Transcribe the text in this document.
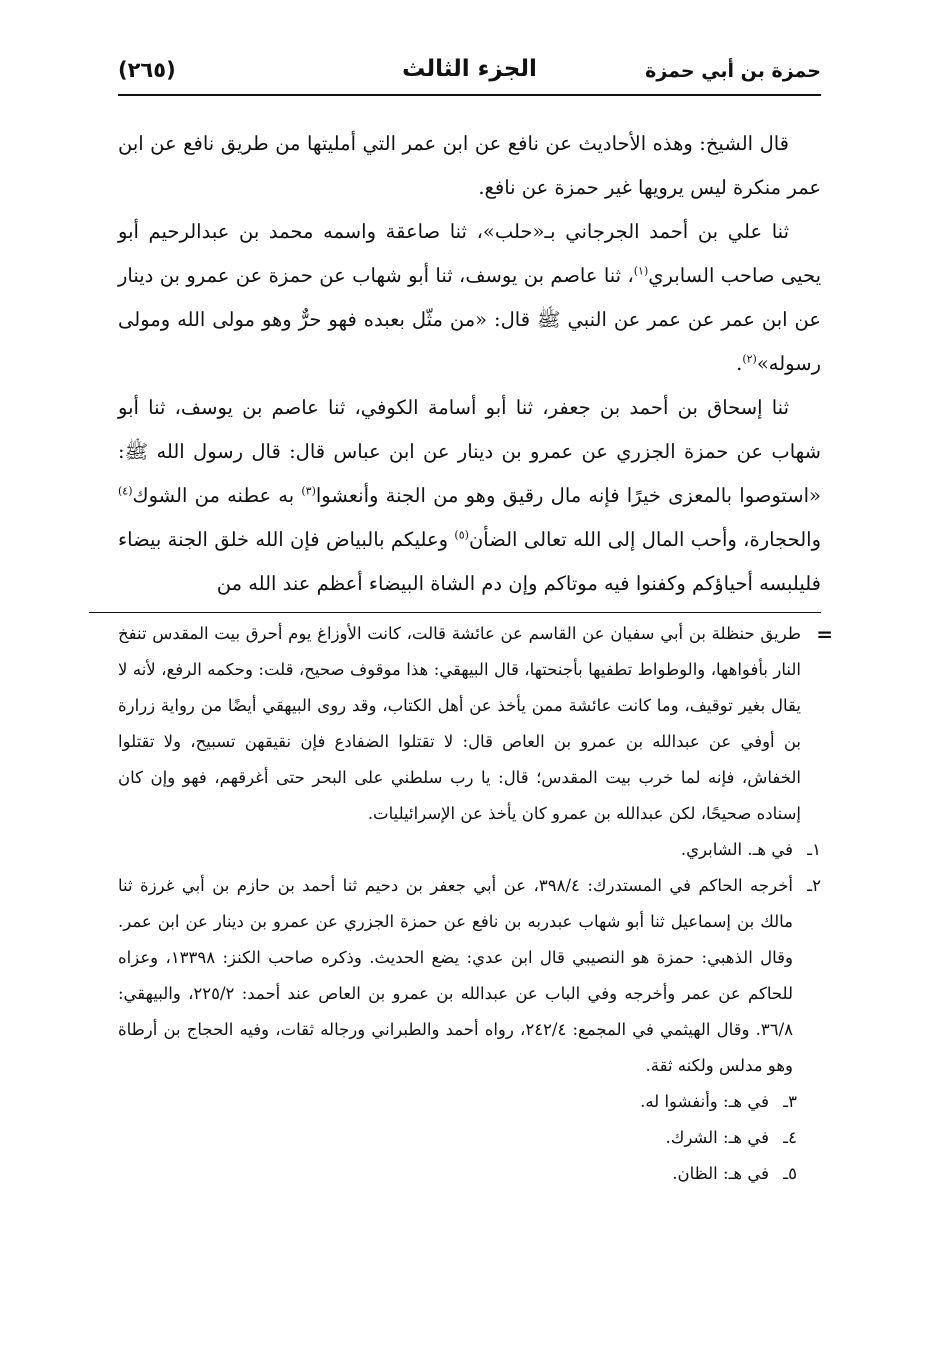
حمزة بن أبي حمزة
الجزء الثالث
(٢٦٥)

قال الشيخ: وهذه الأحاديث عن نافع عن ابن عمر التي أمليتها من طريق نافع عن ابن عمر منكرة ليس يرويها غير حمزة عن نافع.

ثنا علي بن أحمد الجرجاني بـ«حلب»، ثنا صاعقة واسمه محمد بن عبدالرحيم أبو يحيى صاحب السابري$^{(١)}$، ثنا عاصم بن يوسف، ثنا أبو شهاب عن حمزة عن عمرو بن دينار عن ابن عمر عن عمر عن النبي ﷺ قال: «من مثّل بعبده فهو حرٌّ وهو مولى الله ومولى رسوله»$^{(٢)}$.

ثنا إسحاق بن أحمد بن جعفر، ثنا أبو أسامة الكوفي، ثنا عاصم بن يوسف، ثنا أبو شهاب عن حمزة الجزري عن عمرو بن دينار عن ابن عباس قال: قال رسول الله ﷺ: «استوصوا بالمعزى خيرًا فإنه مال رقيق وهو من الجنة وأنعشوا$^{(٣)}$ به عطنه من الشوك$^{(٤)}$ والحجارة، وأحب المال إلى الله تعالى الضأن$^{(٥)}$ وعليكم بالبياض فإن الله خلق الجنة بيضاء فليلبسه أحياؤكم وكفنوا فيه موتاكم وإن دم الشاة البيضاء أعظم عند الله من

=
طريق حنظلة بن أبي سفيان عن القاسم عن عائشة قالت، كانت الأوزاغ يوم أحرق بيت المقدس تنفخ النار بأفواهها، والوطواط تطفيها بأجنحتها، قال البيهقي: هذا موقوف صحيح، قلت: وحكمه الرفع، لأنه لا يقال بغير توقيف، وما كانت عائشة ممن يأخذ عن أهل الكتاب، وقد روى البيهقي أيضًا من رواية زرارة بن أوفي عن عبدالله بن عمرو بن العاص قال: لا تقتلوا الضفادع فإن نقيقهن تسبيح، ولا تقتلوا الخفاش، فإنه لما خرب بيت المقدس؛ قال: يا رب سلطني على البحر حتى أغرقهم، فهو وإن كان إسناده صحيحًا، لكن عبدالله بن عمرو كان يأخذ عن الإسرائيليات.

١ـ
في هـ. الشابري.

٢ـ
أخرجه الحاكم في المستدرك: ٣٩٨/٤، عن أبي جعفر بن دحيم ثنا أحمد بن حازم بن أبي غرزة ثنا مالك بن إسماعيل ثنا أبو شهاب عبدربه بن نافع عن حمزة الجزري عن عمرو بن دينار عن ابن عمر. وقال الذهبي: حمزة هو النصيبي قال ابن عدي: يضع الحديث. وذكره صاحب الكنز: ١٣٣٩٨، وعزاه للحاكم عن عمر وأخرجه وفي الباب عن عبدالله بن عمرو بن العاص عند أحمد: ٢٢٥/٢، والبيهقي: ٣٦/٨. وقال الهيثمي في المجمع: ٢٤٢/٤، رواه أحمد والطبراني ورجاله ثقات، وفيه الحجاج بن أرطاة وهو مدلس ولكنه ثقة.

٣ـ
في هـ: وأنفشوا له.

٤ـ
في هـ: الشرك.

٥ـ
في هـ: الظان.
